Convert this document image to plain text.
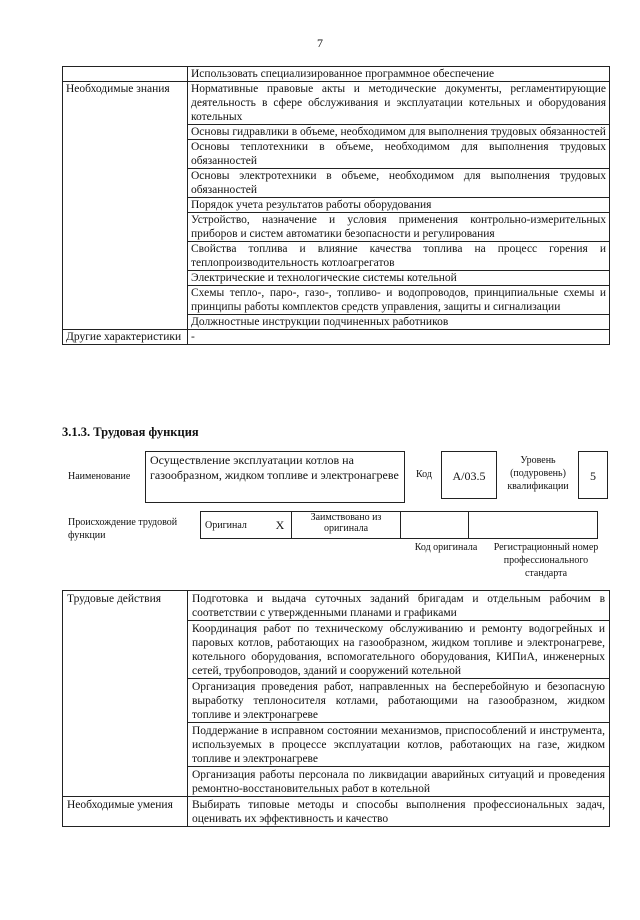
7
	Использовать специализированное программное обеспечение
Необходимые знания	Нормативные правовые акты и методические документы, регламентирующие деятельность в сфере обслуживания и эксплуатации котельных и оборудования котельных
	Основы гидравлики в объеме, необходимом для выполнения трудовых обязанностей
	Основы теплотехники в объеме, необходимом для выполнения трудовых обязанностей
	Основы электротехники в объеме, необходимом для выполнения трудовых обязанностей
	Порядок учета результатов работы оборудования
	Устройство, назначение и условия применения контрольно-измерительных приборов и систем автоматики безопасности и регулирования
	Свойства топлива и влияние качества топлива на процесс горения и теплопроизводительность котлоагрегатов
	Электрические и технологические системы котельной
	Схемы тепло-, паро-, газо-, топливо- и водопроводов, принципиальные схемы и принципы работы комплектов средств управления, защиты и сигнализации
	Должностные инструкции подчиненных работников
Другие характеристики	-
3.1.3. Трудовая функция
Наименование
Осуществление эксплуатации котлов на газообразном, жидком топливе и электронагреве	Код	A/03.5
Уровень (подуровень) квалификации
5
Происхождение трудовой функции
Оригинал	X	Заимствовано из оригинала		
Код оригинала	Регистрационный номер профессионального стандарта
Трудовые действия	Подготовка и выдача суточных заданий бригадам и отдельным рабочим в соответствии с утвержденными планами и графиками
	Координация работ по техническому обслуживанию и ремонту водогрейных и паровых котлов, работающих на газообразном, жидком топливе и электронагреве, котельного оборудования, вспомогательного оборудования, КИПиА, инженерных сетей, трубопроводов, зданий и сооружений котельной
	Организация проведения работ, направленных на бесперебойную и безопасную выработку теплоносителя котлами, работающими на газообразном, жидком топливе и электронагреве
	Поддержание в исправном состоянии механизмов, приспособлений и инструмента, используемых в процессе эксплуатации котлов, работающих на газе, жидком топливе и электронагреве
	Организация работы персонала по ликвидации аварийных ситуаций и проведения ремонтно-восстановительных работ в котельной
Необходимые умения	Выбирать типовые методы и способы выполнения профессиональных задач, оценивать их эффективность и качество
